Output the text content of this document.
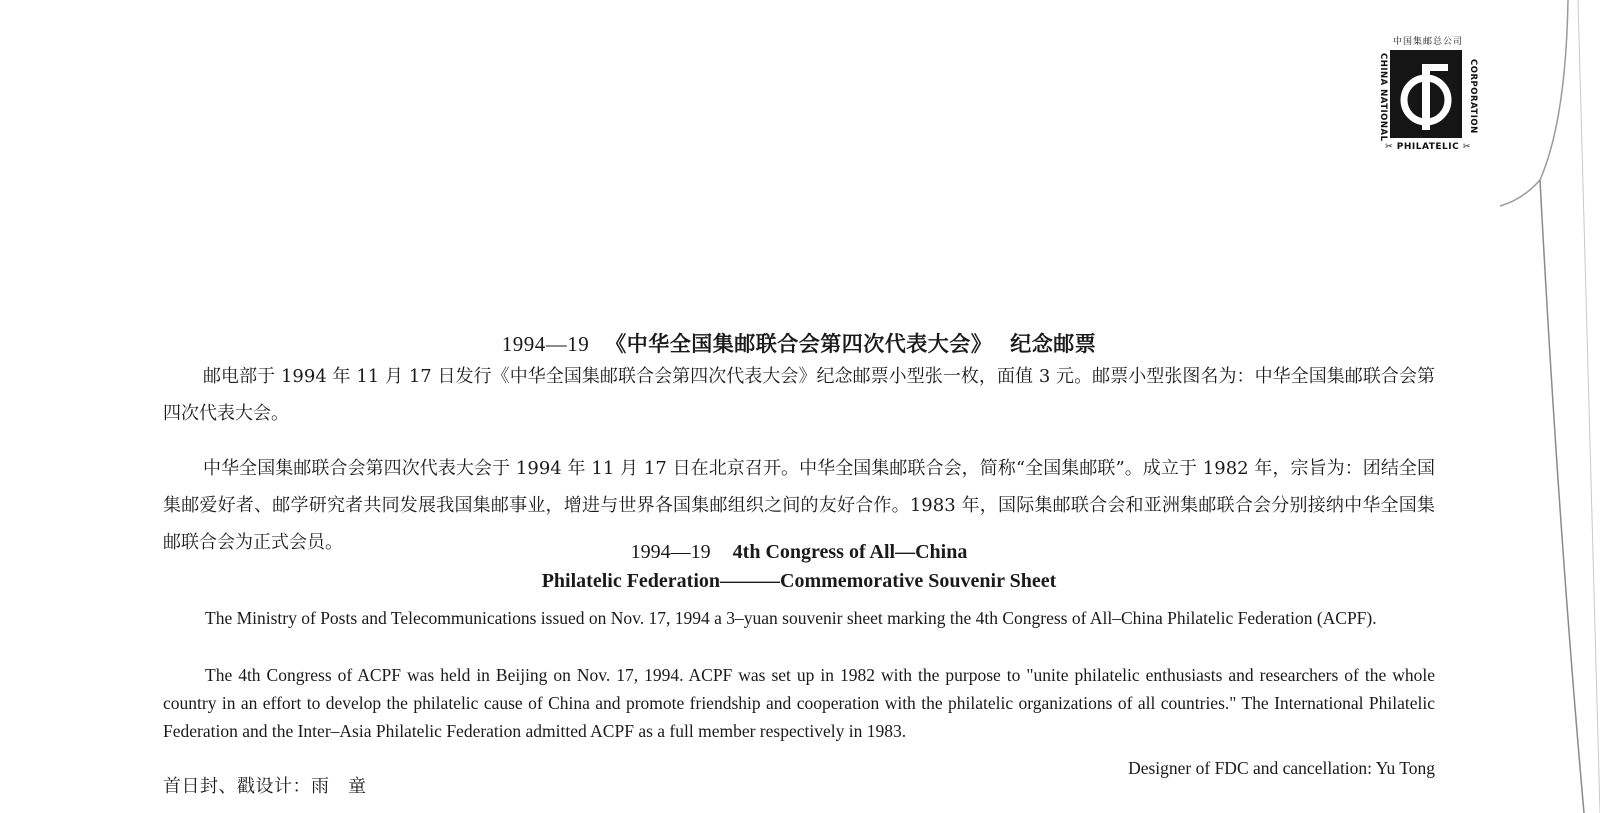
中国集邮总公司
CHINA NATIONAL	CORPORATION
✂ PHILATELIC ✂
1994—19 《中华全国集邮联合会第四次代表大会》 纪念邮票

邮电部于 1994 年 11 月 17 日发行《中华全国集邮联合会第四次代表大会》纪念邮票小型张一枚，面值 3 元。邮票小型张图名为：中华全国集邮联合会第四次代表大会。

中华全国集邮联合会第四次代表大会于 1994 年 11 月 17 日在北京召开。中华全国集邮联合会，简称“全国集邮联”。成立于 1982 年，宗旨为：团结全国集邮爱好者、邮学研究者共同发展我国集邮事业，增进与世界各国集邮组织之间的友好合作。1983 年，国际集邮联合会和亚洲集邮联合会分别接纳中华全国集邮联合会为正式会员。	1994—19 4th Congress of All—China
Philatelic Federation———Commemorative Souvenir Sheet

The Ministry of Posts and Telecommunications issued on Nov. 17, 1994 a 3–yuan souvenir sheet marking the 4th Congress of All–China Philatelic Federation (ACPF).

The 4th Congress of ACPF was held in Beijing on Nov. 17, 1994. ACPF was set up in 1982 with the purpose to "unite philatelic enthusiasts and researchers of the whole country in an effort to develop the philatelic cause of China and promote friendship and cooperation with the philatelic organizations of all countries." The International Philatelic Federation and the Inter–Asia Philatelic Federation admitted ACPF as a full member respectively in 1983.

首日封、戳设计：雨　童
Designer of FDC and cancellation: Yu Tong
